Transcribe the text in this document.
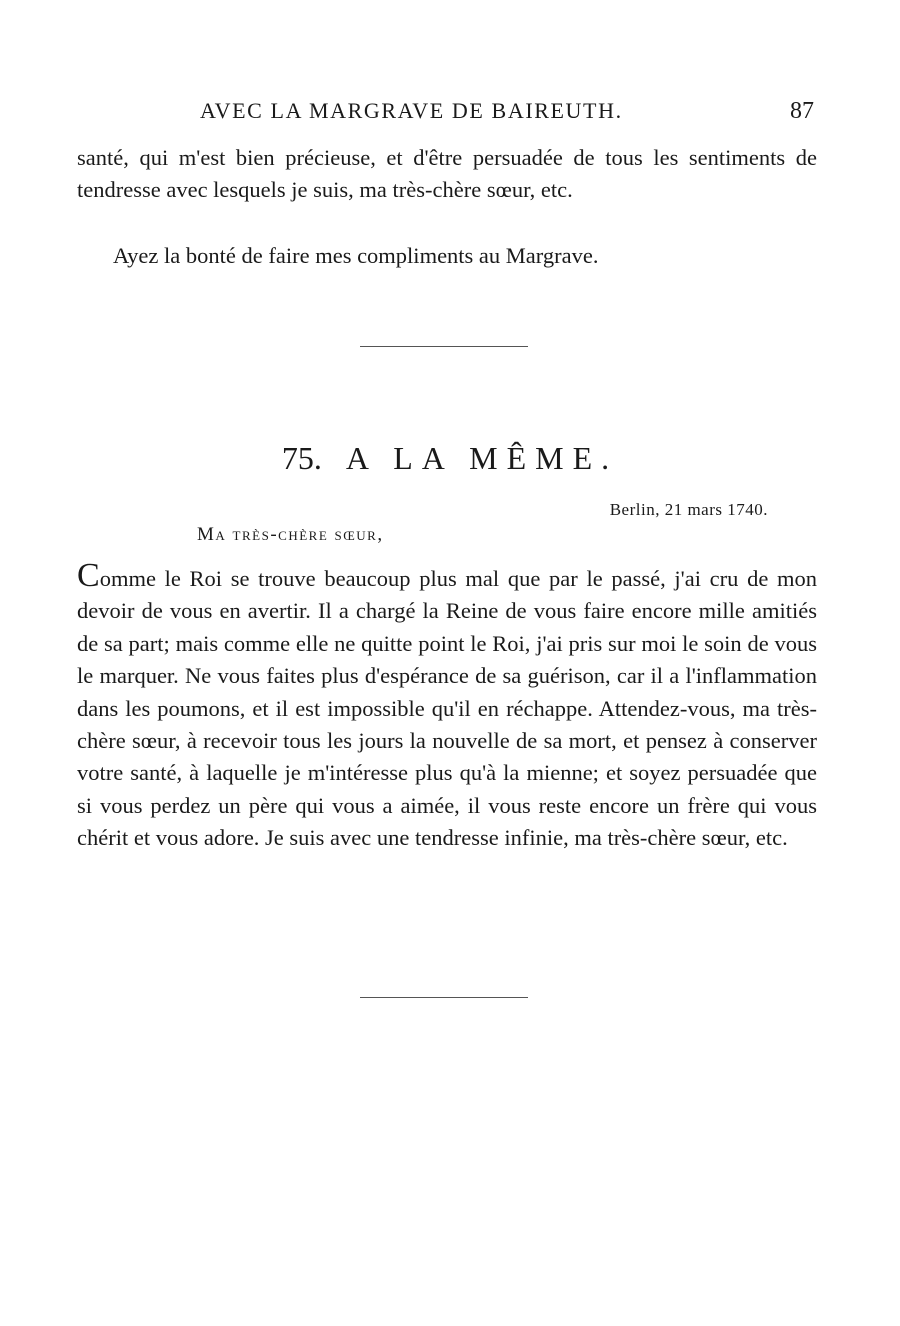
AVEC LA MARGRAVE DE BAIREUTH.	87

santé, qui m'est bien précieuse, et d'être persuadée de tous les sentiments de tendresse avec lesquels je suis, ma très-chère sœur, etc.

Ayez la bonté de faire mes compliments au Margrave.

75. A LA MÊME.
Berlin, 21 mars 1740.
Ma très-chère sœur,

Comme le Roi se trouve beaucoup plus mal que par le passé, j'ai cru de mon devoir de vous en avertir. Il a chargé la Reine de vous faire encore mille amitiés de sa part; mais comme elle ne quitte point le Roi, j'ai pris sur moi le soin de vous le marquer. Ne vous faites plus d'espérance de sa guérison, car il a l'inflammation dans les poumons, et il est impossible qu'il en réchappe. Attendez-vous, ma très-chère sœur, à recevoir tous les jours la nouvelle de sa mort, et pensez à conserver votre santé, à laquelle je m'intéresse plus qu'à la mienne; et soyez persuadée que si vous perdez un père qui vous a aimée, il vous reste encore un frère qui vous chérit et vous adore. Je suis avec une tendresse infinie, ma très-chère sœur, etc.
